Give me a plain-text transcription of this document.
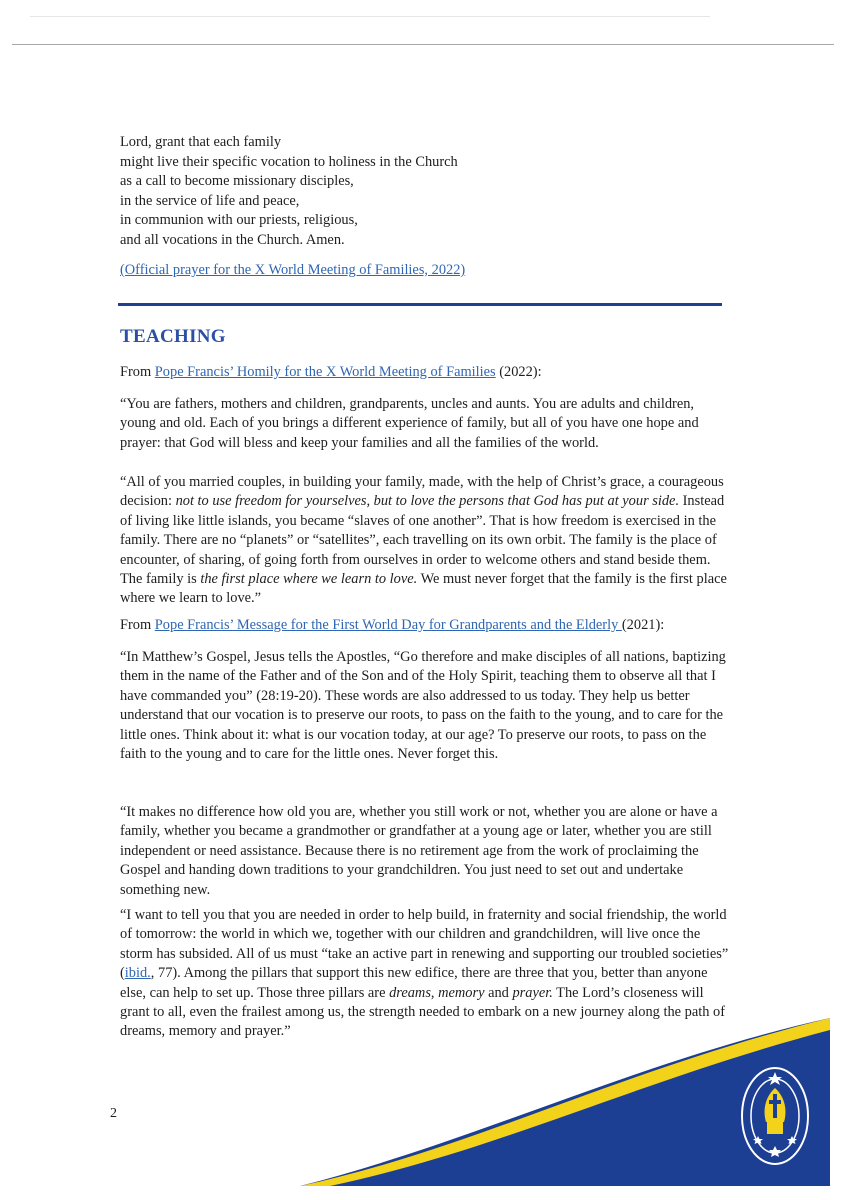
Lord, grant that each family
might live their specific vocation to holiness in the Church
as a call to become missionary disciples,
in the service of life and peace,
in communion with our priests, religious,
and all vocations in the Church. Amen.
(Official prayer for the X World Meeting of Families, 2022)
TEACHING
From Pope Francis’ Homily for the X World Meeting of Families (2022):
“You are fathers, mothers and children, grandparents, uncles and aunts. You are adults and children, young and old. Each of you brings a different experience of family, but all of you have one hope and prayer: that God will bless and keep your families and all the families of the world.
“All of you married couples, in building your family, made, with the help of Christ’s grace, a courageous decision: not to use freedom for yourselves, but to love the persons that God has put at your side. Instead of living like little islands, you became “slaves of one another”. That is how freedom is exercised in the family. There are no “planets” or “satellites”, each travelling on its own orbit. The family is the place of encounter, of sharing, of going forth from ourselves in order to welcome others and stand beside them. The family is the first place where we learn to love. We must never forget that the family is the first place where we learn to love.”
From Pope Francis’ Message for the First World Day for Grandparents and the Elderly (2021):
“In Matthew’s Gospel, Jesus tells the Apostles, “Go therefore and make disciples of all nations, baptizing them in the name of the Father and of the Son and of the Holy Spirit, teaching them to observe all that I have commanded you” (28:19-20). These words are also addressed to us today. They help us better understand that our vocation is to preserve our roots, to pass on the faith to the young, and to care for the little ones. Think about it: what is our vocation today, at our age? To preserve our roots, to pass on the faith to the young and to care for the little ones. Never forget this.
“It makes no difference how old you are, whether you still work or not, whether you are alone or have a family, whether you became a grandmother or grandfather at a young age or later, whether you are still independent or need assistance. Because there is no retirement age from the work of proclaiming the Gospel and handing down traditions to your grandchildren. You just need to set out and undertake something new.
“I want to tell you that you are needed in order to help build, in fraternity and social friendship, the world of tomorrow: the world in which we, together with our children and grandchildren, will live once the storm has subsided. All of us must “take an active part in renewing and supporting our troubled societies” (ibid., 77). Among the pillars that support this new edifice, there are three that you, better than anyone else, can help to set up. Those three pillars are dreams, memory and prayer. The Lord’s closeness will grant to all, even the frailest among us, the strength needed to embark on a new journey along the path of dreams, memory and prayer.”
2
